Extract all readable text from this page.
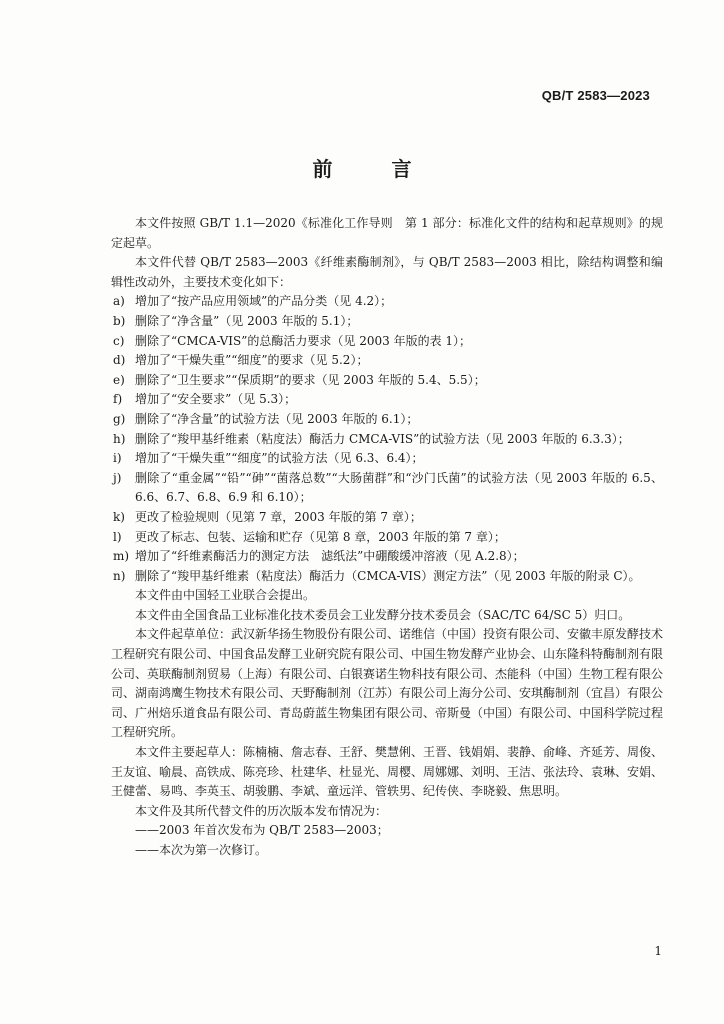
QB/T 2583—2023
前 言

本文件按照 GB/T 1.1—2020《标准化工作导则　第 1 部分：标准化文件的结构和起草规则》的规定起草。

本文件代替 QB/T 2583—2003《纤维素酶制剂》，与 QB/T 2583—2003 相比，除结构调整和编辑性改动外，主要技术变化如下：

a) 增加了“按产品应用领域”的产品分类（见 4.2）；
b) 删除了“净含量”（见 2003 年版的 5.1）；
c) 删除了“CMCA-VIS”的总酶活力要求（见 2003 年版的表 1）；
d) 增加了“干燥失重”“细度”的要求（见 5.2）；
e) 删除了“卫生要求”“保质期”的要求（见 2003 年版的 5.4、5.5）；
f) 增加了“安全要求”（见 5.3）；
g) 删除了“净含量”的试验方法（见 2003 年版的 6.1）；
h) 删除了“羧甲基纤维素（粘度法）酶活力 CMCA-VIS”的试验方法（见 2003 年版的 6.3.3）；
i) 增加了“干燥失重”“细度”的试验方法（见 6.3、6.4）；
j) 删除了“重金属”“铅”“砷”“菌落总数”“大肠菌群”和“沙门氏菌”的试验方法（见 2003 年版的 6.5、6.6、6.7、6.8、6.9 和 6.10）；
k) 更改了检验规则（见第 7 章，2003 年版的第 7 章）；
l) 更改了标志、包装、运输和贮存（见第 8 章，2003 年版的第 7 章）；
m) 增加了“纤维素酶活力的测定方法　滤纸法”中硼酸缓冲溶液（见 A.2.8）；
n) 删除了“羧甲基纤维素（粘度法）酶活力（CMCA-VIS）测定方法”（见 2003 年版的附录 C）。

本文件由中国轻工业联合会提出。

本文件由全国食品工业标准化技术委员会工业发酵分技术委员会（SAC/TC 64/SC 5）归口。

本文件起草单位：武汉新华扬生物股份有限公司、诺维信（中国）投资有限公司、安徽丰原发酵技术工程研究有限公司、中国食品发酵工业研究院有限公司、中国生物发酵产业协会、山东隆科特酶制剂有限公司、英联酶制剂贸易（上海）有限公司、白银赛诺生物科技有限公司、杰能科（中国）生物工程有限公司、湖南鸿鹰生物技术有限公司、天野酶制剂（江苏）有限公司上海分公司、安琪酶制剂（宜昌）有限公司、广州焙乐道食品有限公司、青岛蔚蓝生物集团有限公司、帝斯曼（中国）有限公司、中国科学院过程工程研究所。

本文件主要起草人：陈楠楠、詹志春、王舒、樊慧俐、王晋、钱娟娟、裴静、俞峰、齐延芳、周俊、王友谊、喻晨、高铁成、陈亮珍、杜建华、杜显光、周樱、周娜娜、刘明、王洁、张法玲、袁琳、安娟、王健蕾、易鸣、李英玉、胡骏鹏、李斌、童远洋、管轶男、纪传侠、李晓毅、焦思明。

本文件及其所代替文件的历次版本发布情况为：

——2003 年首次发布为 QB/T 2583—2003；

——本次为第一次修订。

1
